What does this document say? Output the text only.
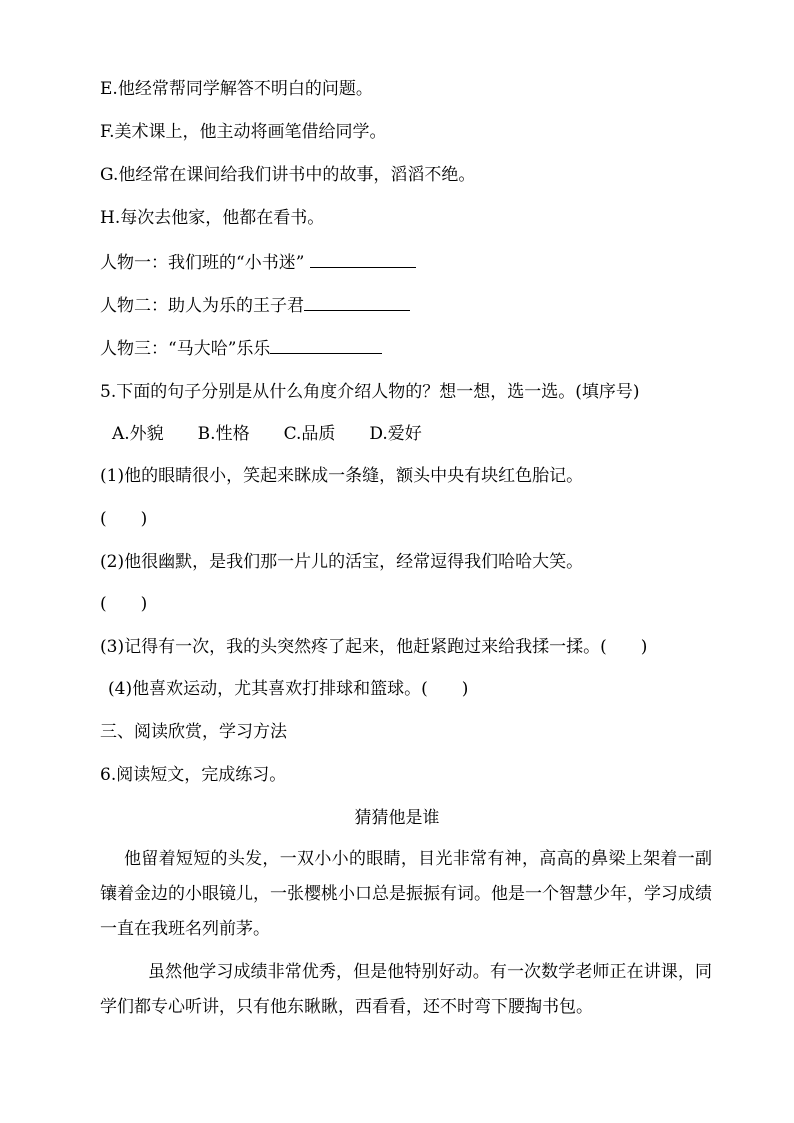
E.他经常帮同学解答不明白的问题。
F.美术课上，他主动将画笔借给同学。
G.他经常在课间给我们讲书中的故事，滔滔不绝。
H.每次去他家，他都在看书。
人物一：我们班的“小书迷”
人物二：助人为乐的王子君
人物三：“马大哈”乐乐
5.下面的句子分别是从什么角度介绍人物的？想一想，选一选。(填序号)
A.外貌　　B.性格　　C.品质　　D.爱好
(1)他的眼睛很小，笑起来眯成一条缝，额头中央有块红色胎记。
(　　)
(2)他很幽默，是我们那一片儿的活宝，经常逗得我们哈哈大笑。
(　　)
(3)记得有一次，我的头突然疼了起来，他赶紧跑过来给我揉一揉。(　　)
(4)他喜欢运动，尤其喜欢打排球和篮球。(　　)
三、阅读欣赏，学习方法
6.阅读短文，完成练习。
猜猜他是谁
他留着短短的头发，一双小小的眼睛，目光非常有神，高高的鼻梁上架着一副镶着金边的小眼镜儿，一张樱桃小口总是振振有词。他是一个智慧少年，学习成绩一直在我班名列前茅。
虽然他学习成绩非常优秀，但是他特别好动。有一次数学老师正在讲课，同学们都专心听讲，只有他东瞅瞅，西看看，还不时弯下腰掏书包。
